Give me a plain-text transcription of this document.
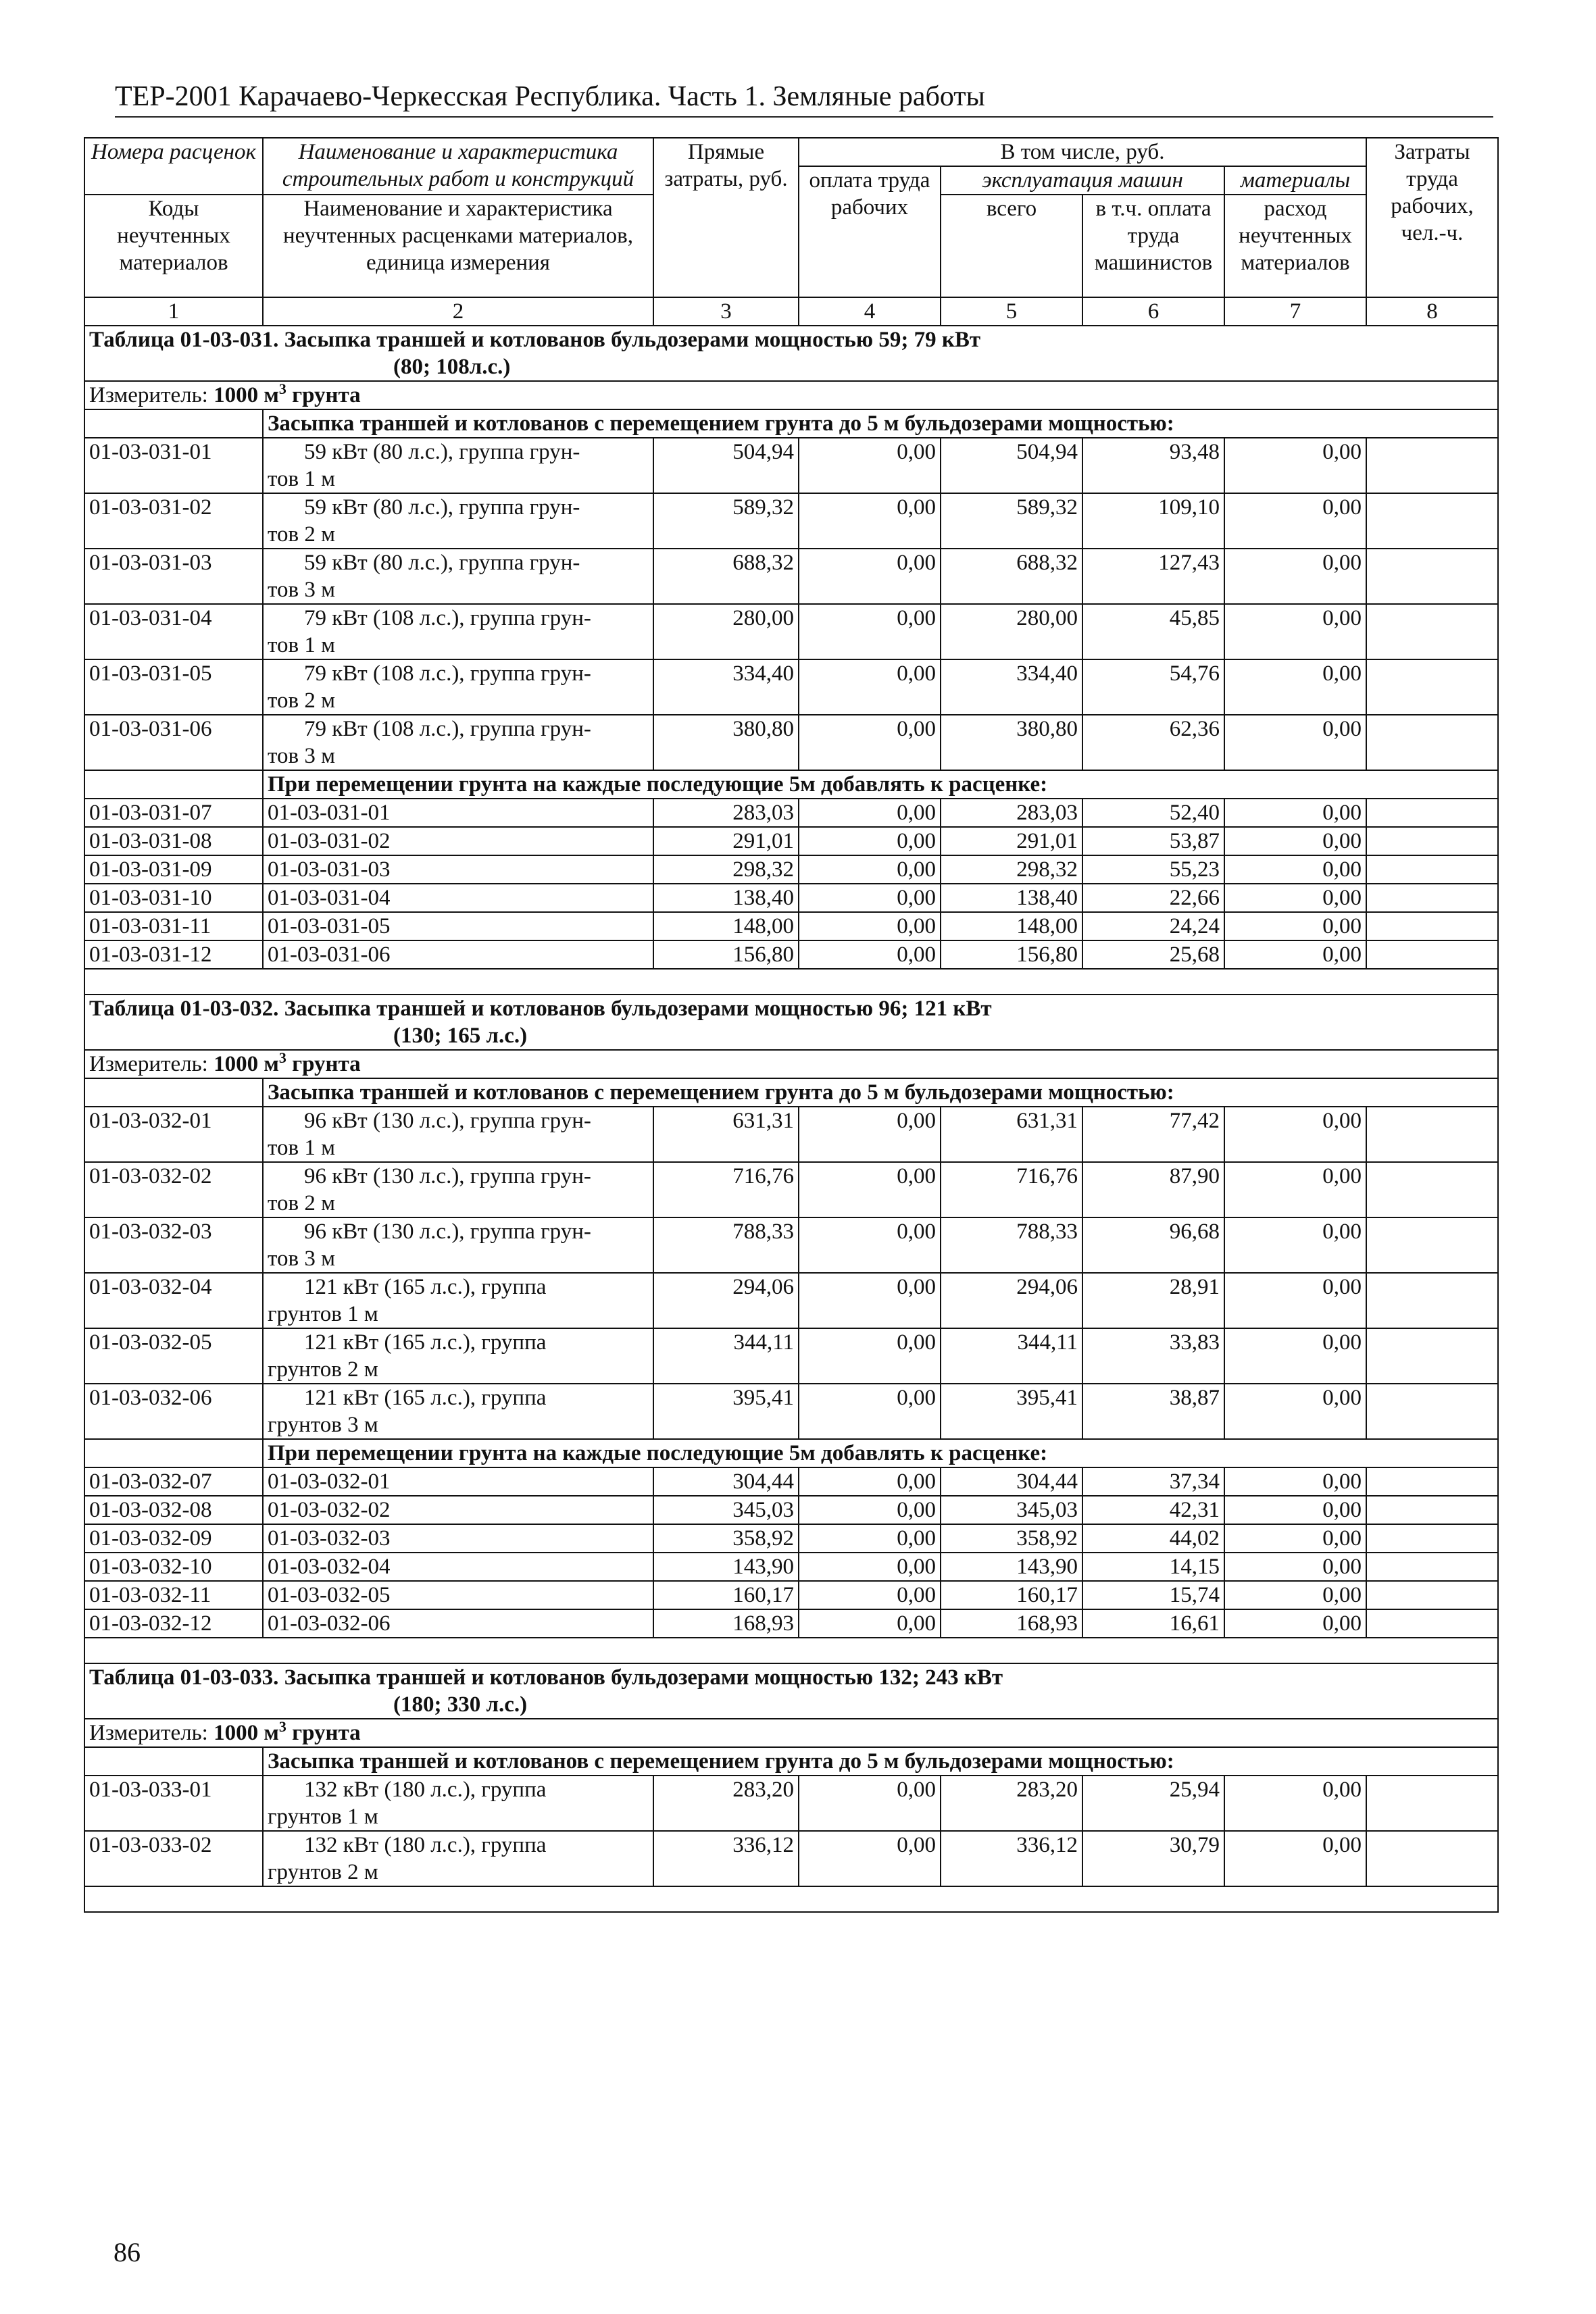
ТЕР-2001 Карачаево-Черкесская Республика. Часть 1. Земляные работы
Номера расценок	Наименование и характеристика строительных работ и конструкций	Прямые затраты, руб.	В том числе, руб.				Затраты труда рабочих, чел.-ч.
			оплата труда рабочих	эксплуатация машин		материалы	
Коды неучтенных материалов	Наименование и характеристика неучтенных расценками материалов, единица измерения			всего	в т.ч. оплата труда машинистов	расход неучтенных материалов	

1	2	3	4	5	6	7	8
Таблица 01-03-031. Засыпка траншей и котлованов бульдозерами мощностью 59; 79 кВт
(80; 108л.с.)							

Измеритель: 1000 $м^3$ грунта							
	Засыпка траншей и котлованов с перемещением грунта до 5 м бульдозерами мощностью:						
01-03-031-01	59 кВт (80 л.с.), группа грун-
тов 1 м	504,94	0,00	504,94	93,48	0,00	
01-03-031-02	59 кВт (80 л.с.), группа грун-
тов 2 м	589,32	0,00	589,32	109,10	0,00	
01-03-031-03	59 кВт (80 л.с.), группа грун-
тов 3 м	688,32	0,00	688,32	127,43	0,00	
01-03-031-04	79 кВт (108 л.с.), группа грун-
тов 1 м	280,00	0,00	280,00	45,85	0,00	
01-03-031-05	79 кВт (108 л.с.), группа грун-
тов 2 м	334,40	0,00	334,40	54,76	0,00	
01-03-031-06	79 кВт (108 л.с.), группа грун-
тов 3 м	380,80	0,00	380,80	62,36	0,00	
	При перемещении грунта на каждые последующие 5м добавлять к расценке:						
01-03-031-07	01-03-031-01	283,03	0,00	283,03	52,40	0,00	
01-03-031-08	01-03-031-02	291,01	0,00	291,01	53,87	0,00	
01-03-031-09	01-03-031-03	298,32	0,00	298,32	55,23	0,00	
01-03-031-10	01-03-031-04	138,40	0,00	138,40	22,66	0,00	
01-03-031-11	01-03-031-05	148,00	0,00	148,00	24,24	0,00	
01-03-031-12	01-03-031-06	156,80	0,00	156,80	25,68	0,00	

Таблица 01-03-032. Засыпка траншей и котлованов бульдозерами мощностью 96; 121 кВт
(130; 165 л.с.)							

Измеритель: 1000 $м^3$ грунта							
	Засыпка траншей и котлованов с перемещением грунта до 5 м бульдозерами мощностью:						
01-03-032-01	96 кВт (130 л.с.), группа грун-
тов 1 м	631,31	0,00	631,31	77,42	0,00	
01-03-032-02	96 кВт (130 л.с.), группа грун-
тов 2 м	716,76	0,00	716,76	87,90	0,00	
01-03-032-03	96 кВт (130 л.с.), группа грун-
тов 3 м	788,33	0,00	788,33	96,68	0,00	
01-03-032-04	121 кВт (165 л.с.), группа
грунтов 1 м	294,06	0,00	294,06	28,91	0,00	
01-03-032-05	121 кВт (165 л.с.), группа
грунтов 2 м	344,11	0,00	344,11	33,83	0,00	
01-03-032-06	121 кВт (165 л.с.), группа
грунтов 3 м	395,41	0,00	395,41	38,87	0,00	
	При перемещении грунта на каждые последующие 5м добавлять к расценке:						
01-03-032-07	01-03-032-01	304,44	0,00	304,44	37,34	0,00	
01-03-032-08	01-03-032-02	345,03	0,00	345,03	42,31	0,00	
01-03-032-09	01-03-032-03	358,92	0,00	358,92	44,02	0,00	
01-03-032-10	01-03-032-04	143,90	0,00	143,90	14,15	0,00	
01-03-032-11	01-03-032-05	160,17	0,00	160,17	15,74	0,00	
01-03-032-12	01-03-032-06	168,93	0,00	168,93	16,61	0,00	

Таблица 01-03-033. Засыпка траншей и котлованов бульдозерами мощностью 132; 243 кВт
(180; 330 л.с.)							

Измеритель: 1000 $м^3$ грунта							
	Засыпка траншей и котлованов с перемещением грунта до 5 м бульдозерами мощностью:						
01-03-033-01	132 кВт (180 л.с.), группа
грунтов 1 м	283,20	0,00	283,20	25,94	0,00	
01-03-033-02	132 кВт (180 л.с.), группа
грунтов 2 м	336,12	0,00	336,12	30,79	0,00	

86
